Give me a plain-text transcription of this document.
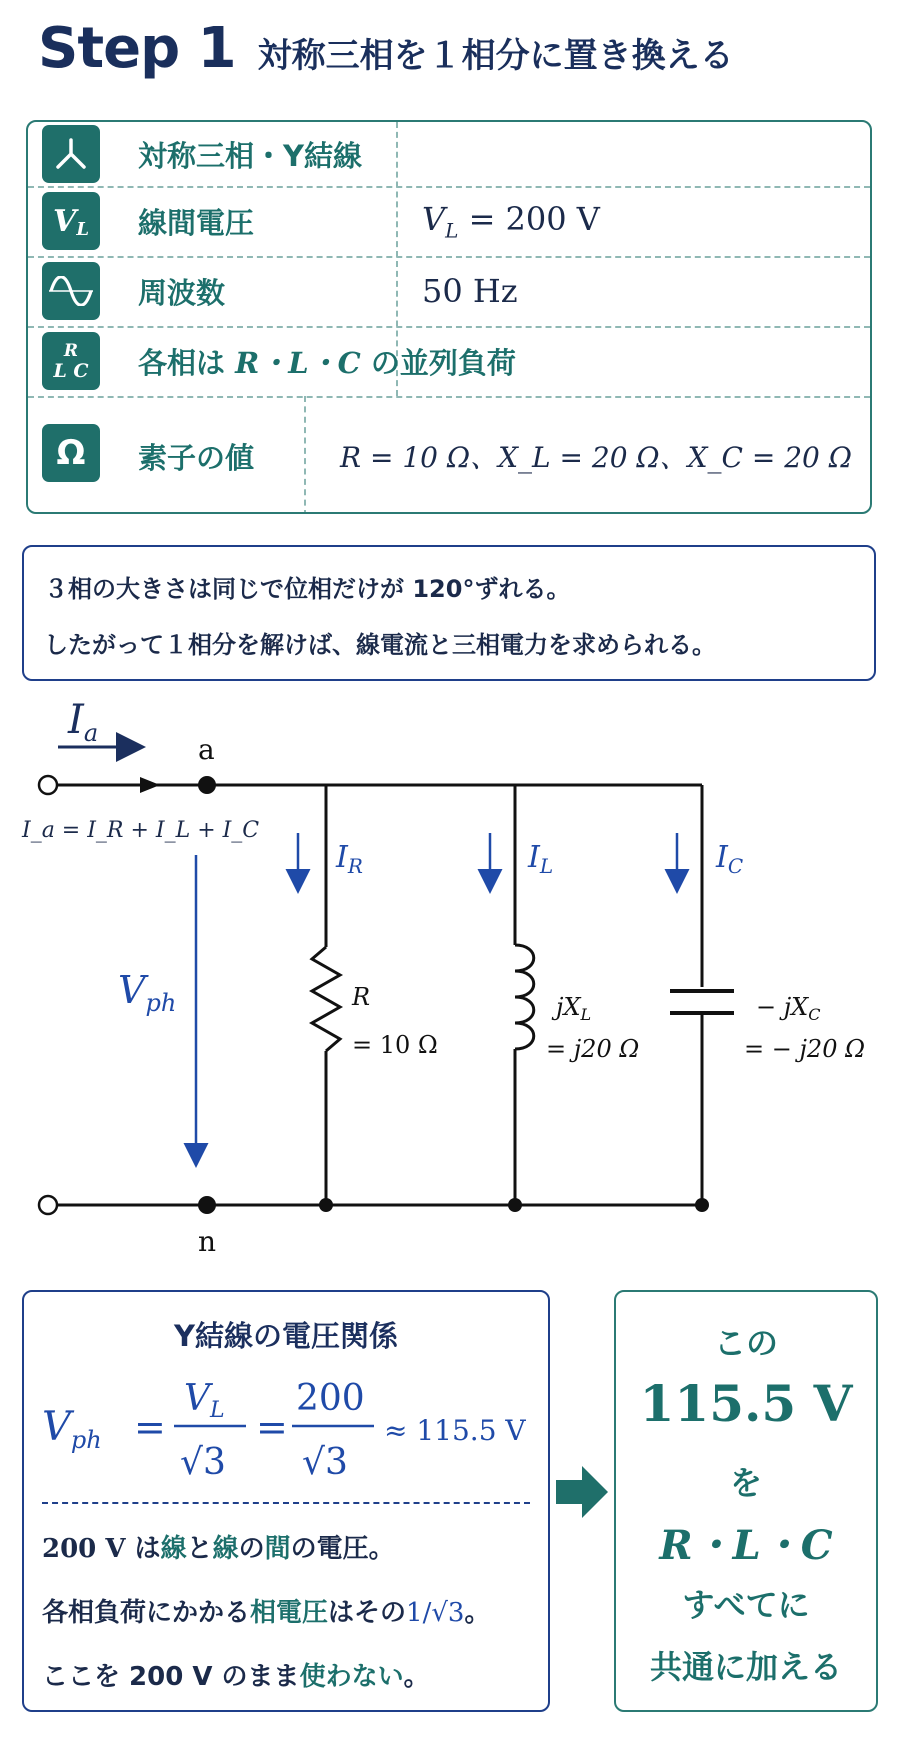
Step 1 対称三相を１相分に置き換える
対称三相・Y結線
V L 線間電圧	$V_L = 200$ V
周波数	50 Hz
R
L C 各相は R・L・C の並列負荷
Ω 素子の値	R = 10 Ω、X_L = 20 Ω、X_C = 20 Ω
３相の大きさは同じで位相だけが 120°ずれる。
したがって１相分を解けば、線電流と三相電力を求められる。
$I_a$	a
n
I_a = I_R + I_L + I_C
$V_{ph}$
$I_R$
R
= 10 Ω
$I_L$
$jX_L$
= j20 Ω
$I_C$
− $jX_C$
= − j20 Ω
Y結線の電圧関係
$V_{ph}$ =
VL
√3
=
200
√3
≈ 115.5 V
200 V は線と線の間の電圧。
各相負荷にかかる相電圧はその1/√3。
ここを 200 V のまま使わない。
この
115.5 V
を
R・L・C
すべてに
共通に加える
